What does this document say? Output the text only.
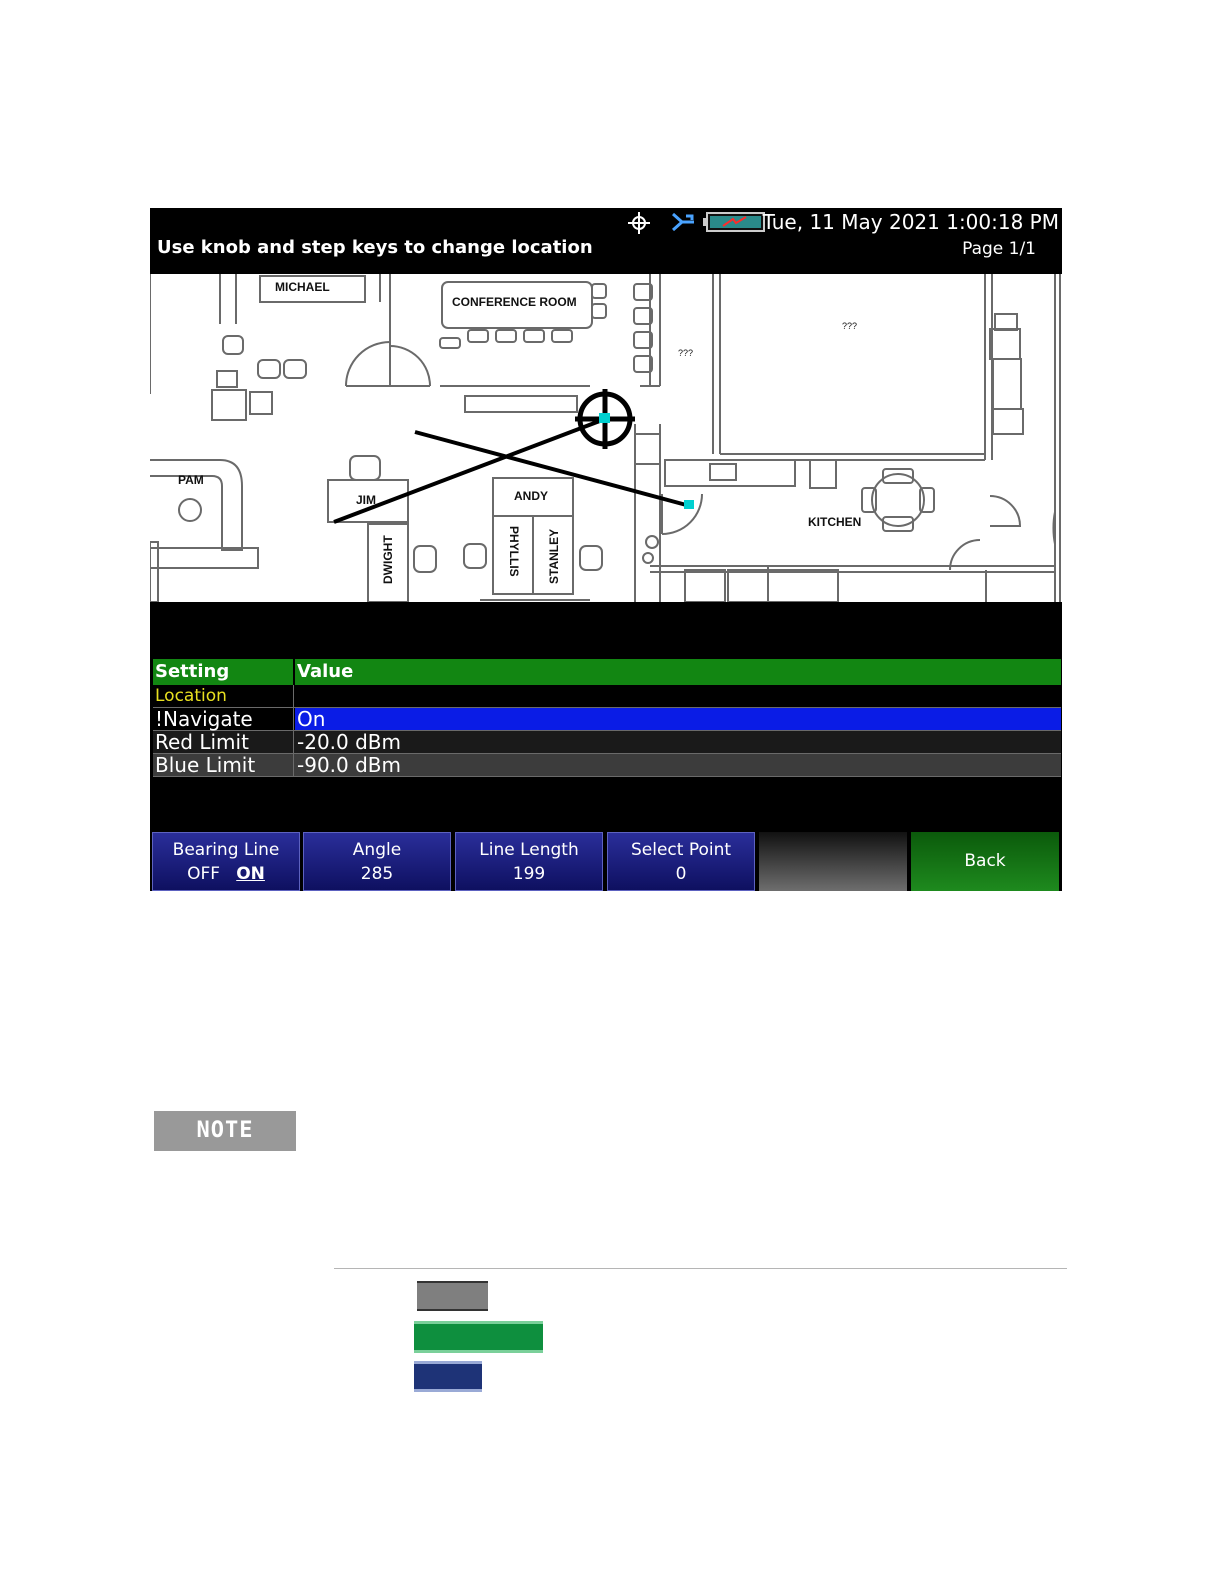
Use knob and step keys to change location
Tue, 11 May 2021 1:00:18 PM
Page 1/1
MICHAEL
CONFERENCE ROOM
???
???
PAM
JIM	ANDY
KITCHEN
DWIGHT	PHYLLIS STANLEY
Setting	Value
Location
!Navigate On
Red Limit -20.0 dBm
Blue Limit -90.0 dBm
Bearing Line
OFF ON
Angle
285
Line Length
199
Select Point
0
Back
NOTE
